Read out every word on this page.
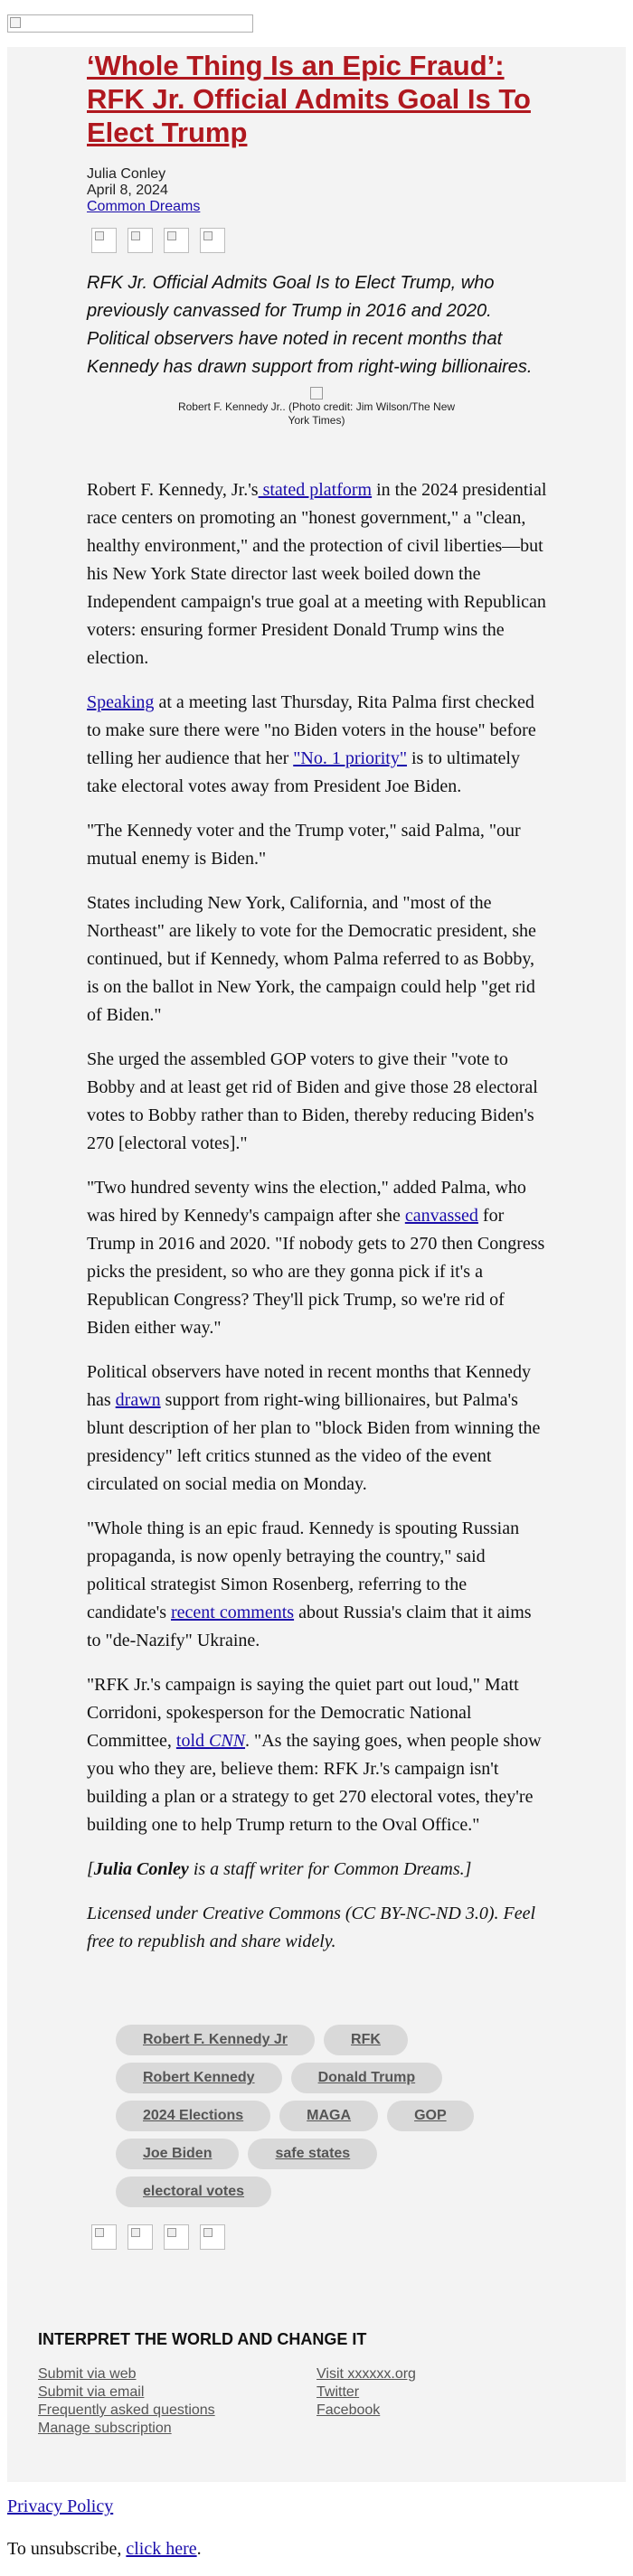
‘Whole Thing Is an Epic Fraud’: RFK Jr. Official Admits Goal Is To Elect Trump
Julia Conley
April 8, 2024
Common Dreams

RFK Jr. Official Admits Goal Is to Elect Trump, who previously canvassed for Trump in 2016 and 2020. Political observers have noted in recent months that Kennedy has drawn support from right-wing billionaires.

Robert F. Kennedy Jr.. (Photo credit: Jim Wilson/The New York Times)

Robert F. Kennedy, Jr.'s stated platform in the 2024 presidential race centers on promoting an "honest government," a "clean, healthy environment," and the protection of civil liberties—but his New York State director last week boiled down the Independent campaign's true goal at a meeting with Republican voters: ensuring former President Donald Trump wins the election.

Speaking at a meeting last Thursday, Rita Palma first checked to make sure there were "no Biden voters in the house" before telling her audience that her "No. 1 priority" is to ultimately take electoral votes away from President Joe Biden.

"The Kennedy voter and the Trump voter," said Palma, "our mutual enemy is Biden."

States including New York, California, and "most of the Northeast" are likely to vote for the Democratic president, she continued, but if Kennedy, whom Palma referred to as Bobby, is on the ballot in New York, the campaign could help "get rid of Biden."

She urged the assembled GOP voters to give their "vote to Bobby and at least get rid of Biden and give those 28 electoral votes to Bobby rather than to Biden, thereby reducing Biden's 270 [electoral votes]."

"Two hundred seventy wins the election," added Palma, who was hired by Kennedy's campaign after she canvassed for Trump in 2016 and 2020. "If nobody gets to 270 then Congress picks the president, so who are they gonna pick if it's a Republican Congress? They'll pick Trump, so we're rid of Biden either way."

Political observers have noted in recent months that Kennedy has drawn support from right-wing billionaires, but Palma's blunt description of her plan to "block Biden from winning the presidency" left critics stunned as the video of the event circulated on social media on Monday.

"Whole thing is an epic fraud. Kennedy is spouting Russian propaganda, is now openly betraying the country," said political strategist Simon Rosenberg, referring to the candidate's recent comments about Russia's claim that it aims to "de-Nazify" Ukraine.

"RFK Jr.'s campaign is saying the quiet part out loud," Matt Corridoni, spokesperson for the Democratic National Committee, told CNN. "As the saying goes, when people show you who they are, believe them: RFK Jr.'s campaign isn't building a plan or a strategy to get 270 electoral votes, they're building one to help Trump return to the Oval Office."

[Julia Conley is a staff writer for Common Dreams.]

Licensed under Creative Commons (CC BY-NC-ND 3.0). Feel free to republish and share widely.

Robert F. Kennedy Jr	RFK
Robert Kennedy	Donald Trump
2024 Elections	MAGA	GOP
Joe Biden	safe states
electoral votes
INTERPRET THE WORLD AND CHANGE IT
Submit via web
Submit via email
Frequently asked questions
Manage subscription
Visit xxxxxx.org
Twitter
Facebook
Privacy Policy
To unsubscribe, click here.
